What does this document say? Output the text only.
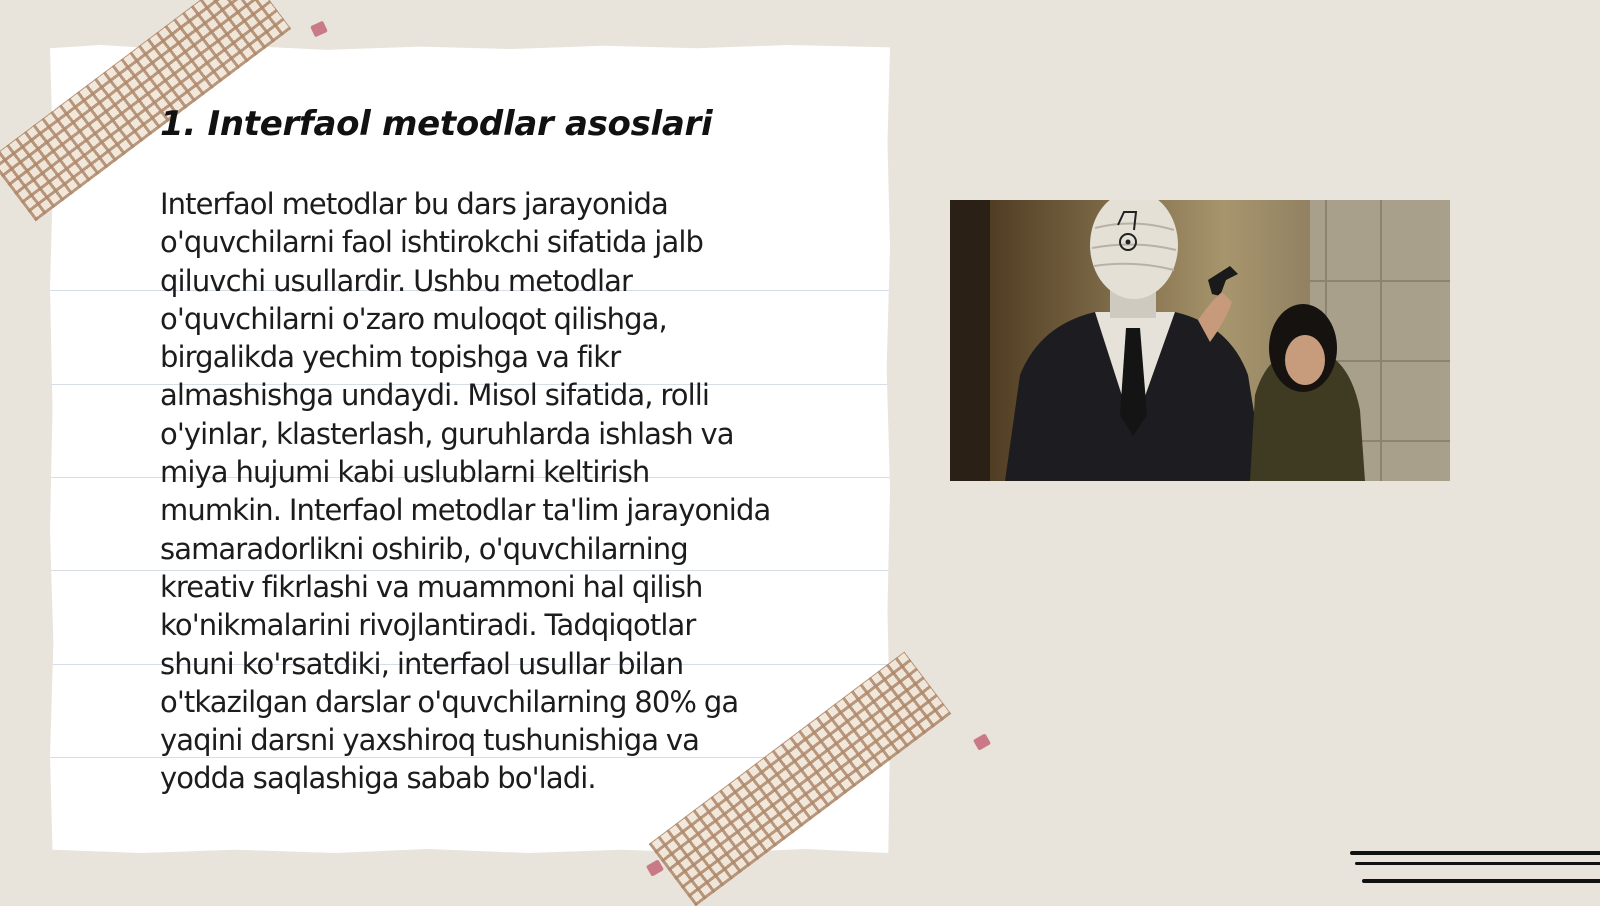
1. Interfaol metodlar asoslari

Interfaol metodlar bu dars jarayonida
o'quvchilarni faol ishtirokchi sifatida jalb
qiluvchi usullardir. Ushbu metodlar
o'quvchilarni o'zaro muloqot qilishga,
birgalikda yechim topishga va fikr
almashishga undaydi. Misol sifatida, rolli
o'yinlar, klasterlash, guruhlarda ishlash va
miya hujumi kabi uslublarni keltirish
mumkin. Interfaol metodlar ta'lim jarayonida
samaradorlikni oshirib, o'quvchilarning
kreativ fikrlashi va muammoni hal qilish
ko'nikmalarini rivojlantiradi. Tadqiqotlar
shuni ko'rsatdiki, interfaol usullar bilan
o'tkazilgan darslar o'quvchilarning 80% ga
yaqini darsni yaxshiroq tushunishiga va
yodda saqlashiga sabab bo'ladi.
